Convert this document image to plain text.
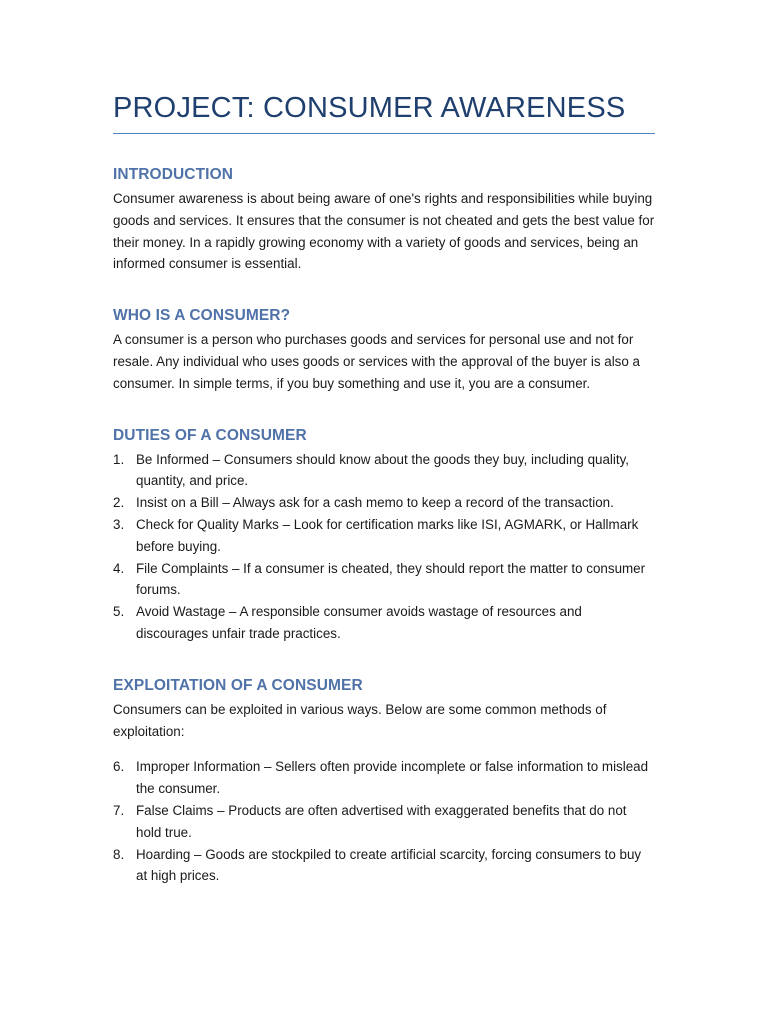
PROJECT: CONSUMER AWARENESS
INTRODUCTION

Consumer awareness is about being aware of one's rights and responsibilities while buying goods and services. It ensures that the consumer is not cheated and gets the best value for their money. In a rapidly growing economy with a variety of goods and services, being an informed consumer is essential.

WHO IS A CONSUMER?

A consumer is a person who purchases goods and services for personal use and not for resale. Any individual who uses goods or services with the approval of the buyer is also a consumer. In simple terms, if you buy something and use it, you are a consumer.

DUTIES OF A CONSUMER
1. Be Informed – Consumers should know about the goods they buy, including quality, quantity, and price.
2. Insist on a Bill – Always ask for a cash memo to keep a record of the transaction.
3. Check for Quality Marks – Look for certification marks like ISI, AGMARK, or Hallmark before buying.
4. File Complaints – If a consumer is cheated, they should report the matter to consumer forums.
5. Avoid Wastage – A responsible consumer avoids wastage of resources and discourages unfair trade practices.
EXPLOITATION OF A CONSUMER

Consumers can be exploited in various ways. Below are some common methods of exploitation:

6. Improper Information – Sellers often provide incomplete or false information to mislead the consumer.
7. False Claims – Products are often advertised with exaggerated benefits that do not hold true.
8. Hoarding – Goods are stockpiled to create artificial scarcity, forcing consumers to buy at high prices.
